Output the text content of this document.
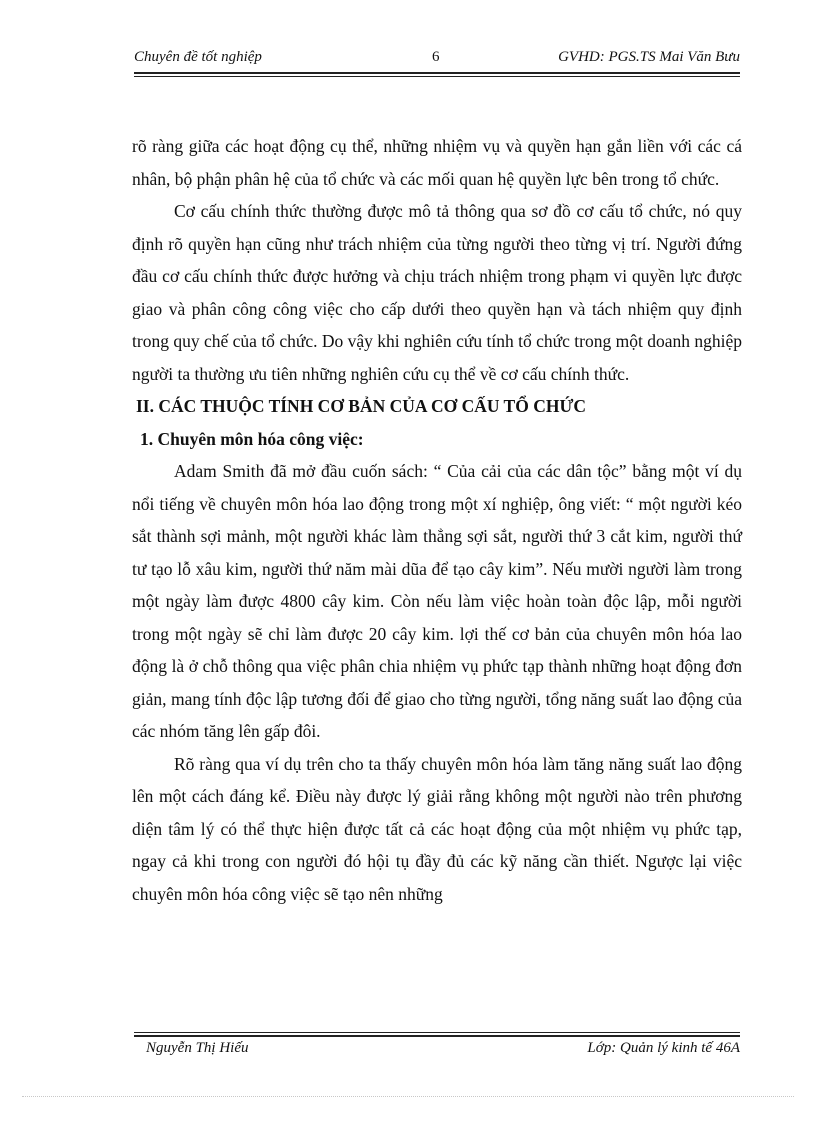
Chuyên đề tốt nghiệp	6	GVHD: PGS.TS Mai Văn Bưu

rõ ràng giữa các hoạt động cụ thể, những nhiệm vụ và quyền hạn gắn liền với các cá nhân, bộ phận phân hệ của tổ chức và các mối quan hệ quyền lực bên trong tổ chức.

Cơ cấu chính thức thường được mô tả thông qua sơ đồ cơ cấu tổ chức, nó quy định rõ quyền hạn cũng như trách nhiệm của từng người theo từng vị trí. Người đứng đầu cơ cấu chính thức được hưởng và chịu trách nhiệm trong phạm vi quyền lực được giao và phân công công việc cho cấp dưới theo quyền hạn và tách nhiệm quy định trong quy chế của tổ chức. Do vậy khi nghiên cứu tính tổ chức trong một doanh nghiệp người ta thường ưu tiên những nghiên cứu cụ thể về cơ cấu chính thức.

II. CÁC THUỘC TÍNH CƠ BẢN CỦA CƠ CẤU TỔ CHỨC

1. Chuyên môn hóa công việc:

Adam Smith đã mở đầu cuốn sách: “ Của cải của các dân tộc” bằng một ví dụ nổi tiếng về chuyên môn hóa lao động trong một xí nghiệp, ông viết: “ một người kéo sắt thành sợi mảnh, một người khác làm thẳng sợi sắt, người thứ 3 cắt kim, người thứ tư tạo lỗ xâu kim, người thứ năm mài dũa để tạo cây kim”. Nếu mười người làm trong một ngày làm được 4800 cây kim. Còn nếu làm việc hoàn toàn độc lập, mỗi người trong một ngày sẽ chỉ làm được 20 cây kim. lợi thế cơ bản của chuyên môn hóa lao động là ở chỗ thông qua việc phân chia nhiệm vụ phức tạp thành những hoạt động đơn giản, mang tính độc lập tương đối để giao cho từng người, tổng năng suất lao động của các nhóm tăng lên gấp đôi.

Rõ ràng qua ví dụ trên cho ta thấy chuyên môn hóa làm tăng năng suất lao động lên một cách đáng kể. Điều này được lý giải rằng không một người nào trên phương diện tâm lý có thể thực hiện được tất cả các hoạt động của một nhiệm vụ phức tạp, ngay cả khi trong con người đó hội tụ đầy đủ các kỹ năng cần thiết. Ngược lại việc chuyên môn hóa công việc sẽ tạo nên những

Nguyễn Thị Hiếu	Lớp: Quản lý kinh tế 46A
